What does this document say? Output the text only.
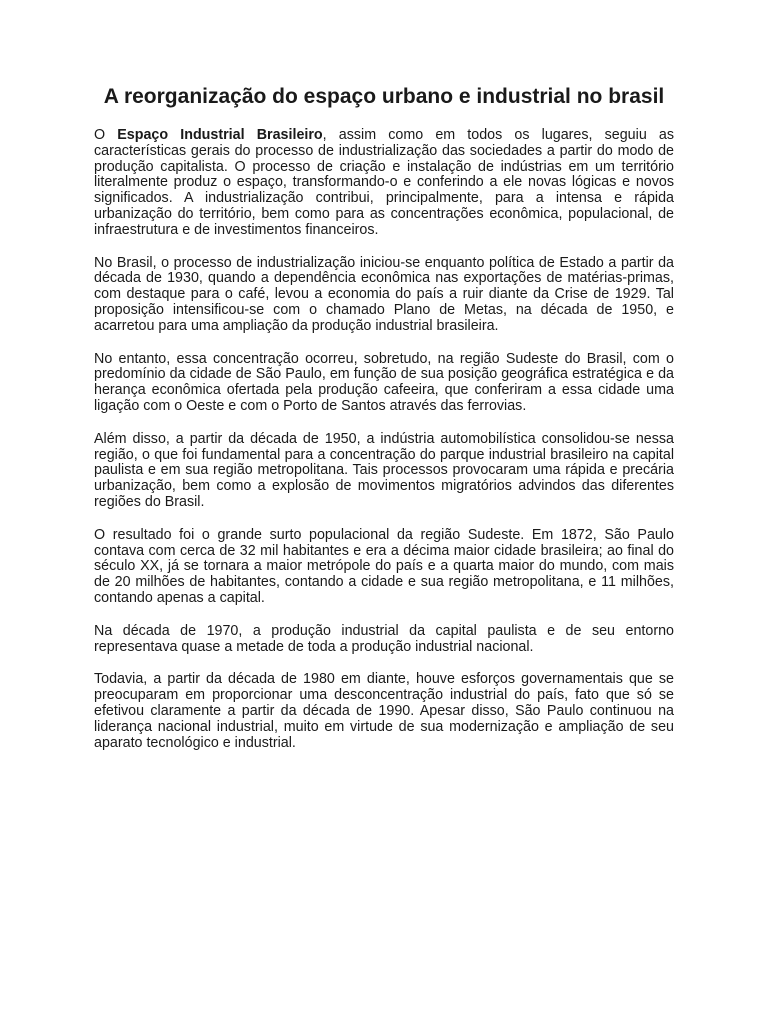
A reorganização do espaço urbano e industrial no brasil

O Espaço Industrial Brasileiro, assim como em todos os lugares, seguiu as características gerais do processo de industrialização das sociedades a partir do modo de produção capitalista. O processo de criação e instalação de indústrias em um território literalmente produz o espaço, transformando-o e conferindo a ele novas lógicas e novos significados. A industrialização contribui, principalmente, para a intensa e rápida urbanização do território, bem como para as concentrações econômica, populacional, de infraestrutura e de investimentos financeiros.

No Brasil, o processo de industrialização iniciou-se enquanto política de Estado a partir da década de 1930, quando a dependência econômica nas exportações de matérias-primas, com destaque para o café, levou a economia do país a ruir diante da Crise de 1929. Tal proposição intensificou-se com o chamado Plano de Metas, na década de 1950, e acarretou para uma ampliação da produção industrial brasileira.

No entanto, essa concentração ocorreu, sobretudo, na região Sudeste do Brasil, com o predomínio da cidade de São Paulo, em função de sua posição geográfica estratégica e da herança econômica ofertada pela produção cafeeira, que conferiram a essa cidade uma ligação com o Oeste e com o Porto de Santos através das ferrovias.

Além disso, a partir da década de 1950, a indústria automobilística consolidou-se nessa região, o que foi fundamental para a concentração do parque industrial brasileiro na capital paulista e em sua região metropolitana. Tais processos provocaram uma rápida e precária urbanização, bem como a explosão de movimentos migratórios advindos das diferentes regiões do Brasil.

O resultado foi o grande surto populacional da região Sudeste. Em 1872, São Paulo contava com cerca de 32 mil habitantes e era a décima maior cidade brasileira; ao final do século XX, já se tornara a maior metrópole do país e a quarta maior do mundo, com mais de 20 milhões de habitantes, contando a cidade e sua região metropolitana, e 11 milhões, contando apenas a capital.

Na década de 1970, a produção industrial da capital paulista e de seu entorno representava quase a metade de toda a produção industrial nacional.

Todavia, a partir da década de 1980 em diante, houve esforços governamentais que se preocuparam em proporcionar uma desconcentração industrial do país, fato que só se efetivou claramente a partir da década de 1990. Apesar disso, São Paulo continuou na liderança nacional industrial, muito em virtude de sua modernização e ampliação de seu aparato tecnológico e industrial.
